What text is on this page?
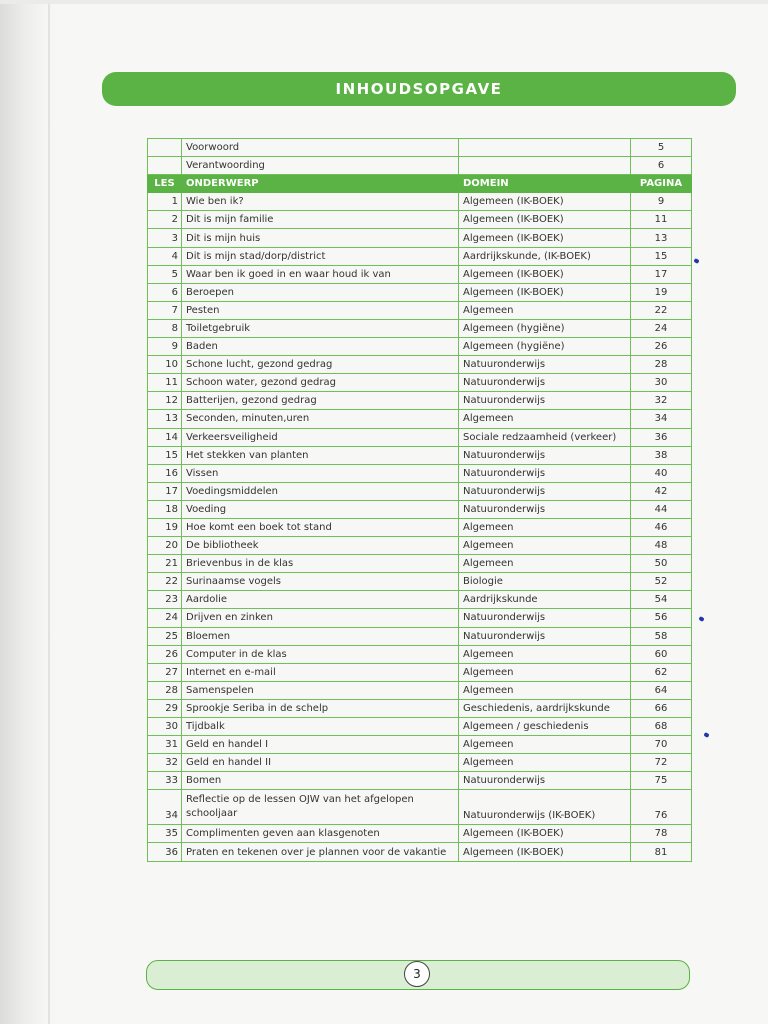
INHOUDSOPGAVE
	Voorwoord		5
	Verantwoording		6
LES	ONDERWERP	DOMEIN	PAGINA
1	Wie ben ik?	Algemeen (IK-BOEK)	9
2	Dit is mijn familie	Algemeen (IK-BOEK)	11
3	Dit is mijn huis	Algemeen (IK-BOEK)	13
4	Dit is mijn stad/dorp/district	Aardrijkskunde, (IK-BOEK)	15
5	Waar ben ik goed in en waar houd ik van	Algemeen (IK-BOEK)	17
6	Beroepen	Algemeen (IK-BOEK)	19
7	Pesten	Algemeen	22
8	Toiletgebruik	Algemeen (hygiëne)	24
9	Baden	Algemeen (hygiëne)	26
10	Schone lucht, gezond gedrag	Natuuronderwijs	28
11	Schoon water, gezond gedrag	Natuuronderwijs	30
12	Batterijen, gezond gedrag	Natuuronderwijs	32
13	Seconden, minuten,uren	Algemeen	34
14	Verkeersveiligheid	Sociale redzaamheid (verkeer)	36
15	Het stekken van planten	Natuuronderwijs	38
16	Vissen	Natuuronderwijs	40
17	Voedingsmiddelen	Natuuronderwijs	42
18	Voeding	Natuuronderwijs	44
19	Hoe komt een boek tot stand	Algemeen	46
20	De bibliotheek	Algemeen	48
21	Brievenbus in de klas	Algemeen	50
22	Surinaamse vogels	Biologie	52
23	Aardolie	Aardrijkskunde	54
24	Drijven en zinken	Natuuronderwijs	56
25	Bloemen	Natuuronderwijs	58
26	Computer in de klas	Algemeen	60
27	Internet en e-mail	Algemeen	62
28	Samenspelen	Algemeen	64
29	Sprookje Seriba in de schelp	Geschiedenis, aardrijkskunde	66
30	Tijdbalk	Algemeen / geschiedenis	68
31	Geld en handel I	Algemeen	70
32	Geld en handel II	Algemeen	72
33	Bomen	Natuuronderwijs	75
34	Reflectie op de lessen OJW van het afgelopen schooljaar	Natuuronderwijs (IK-BOEK)	76
35	Complimenten geven aan klasgenoten	Algemeen (IK-BOEK)	78
36	Praten en tekenen over je plannen voor de vakantie	Algemeen (IK-BOEK)	81
3
